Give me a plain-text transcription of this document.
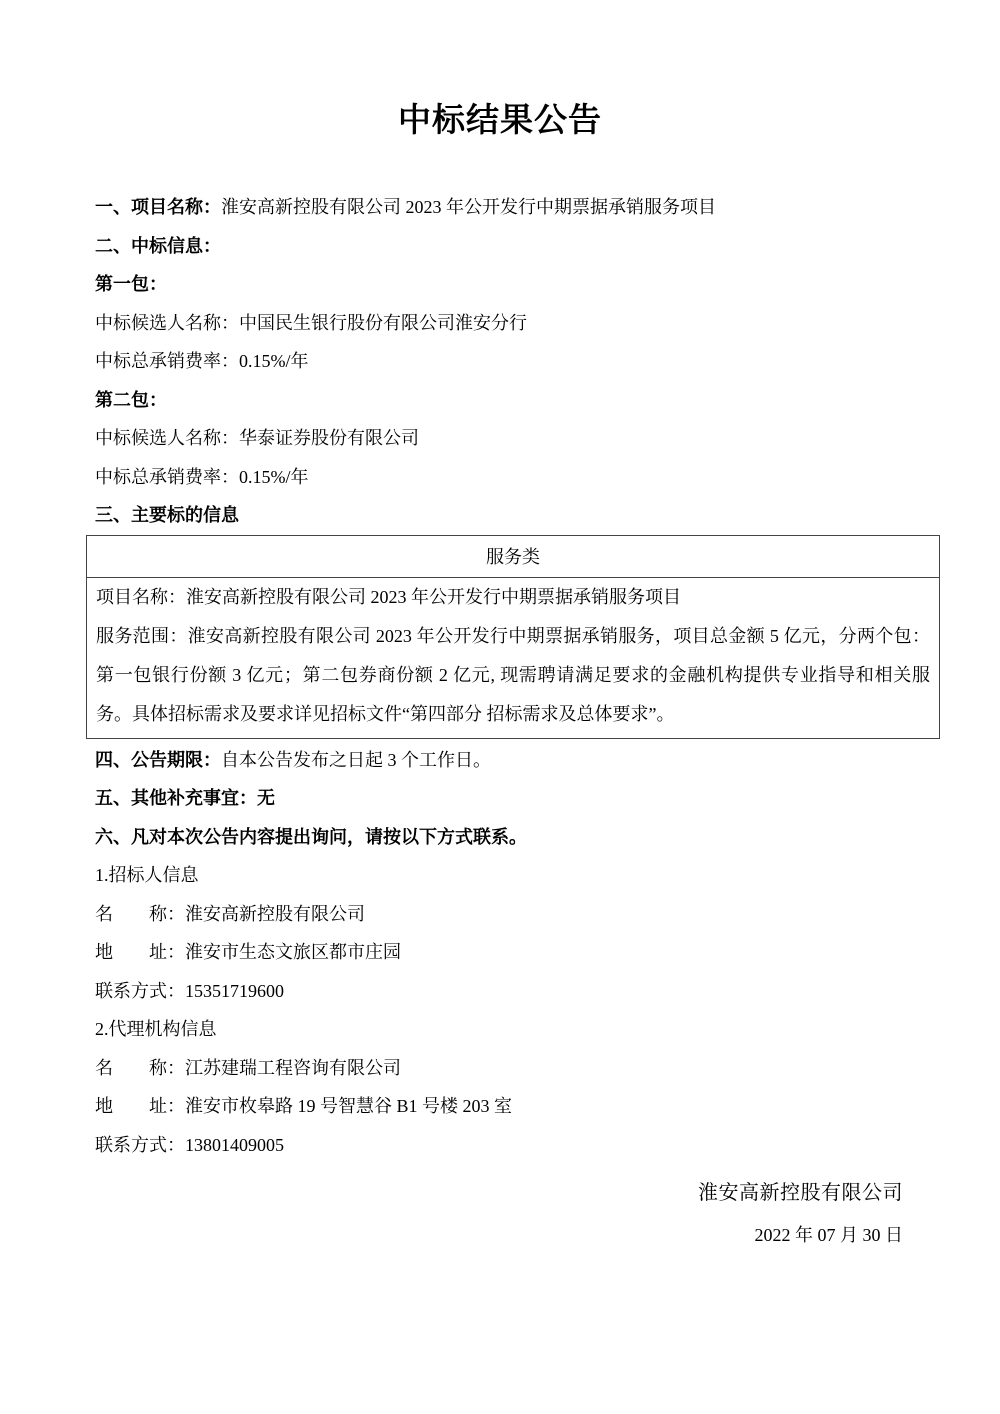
中标结果公告

一、项目名称：淮安高新控股有限公司 2023 年公开发行中期票据承销服务项目

二、中标信息：

第一包：

中标候选人名称：中国民生银行股份有限公司淮安分行

中标总承销费率：0.15%/年

第二包：

中标候选人名称：华泰证券股份有限公司

中标总承销费率：0.15%/年

三、主要标的信息

服务类

项目名称：淮安高新控股有限公司 2023 年公开发行中期票据承销服务项目

服务范围：淮安高新控股有限公司 2023 年公开发行中期票据承销服务，项目总金额 5 亿元，分两个包：第一包银行份额 3 亿元；第二包券商份额 2 亿元, 现需聘请满足要求的金融机构提供专业指导和相关服务。具体招标需求及要求详见招标文件“第四部分 招标需求及总体要求”。

四、公告期限：自本公告发布之日起 3 个工作日。

五、其他补充事宜：无

六、凡对本次公告内容提出询问，请按以下方式联系。

1.招标人信息

名　　称：淮安高新控股有限公司

地　　址：淮安市生态文旅区都市庄园

联系方式：15351719600

2.代理机构信息

名　　称：江苏建瑞工程咨询有限公司

地　　址：淮安市枚皋路 19 号智慧谷 B1 号楼 203 室

联系方式：13801409005

淮安高新控股有限公司

2022 年 07 月 30 日
